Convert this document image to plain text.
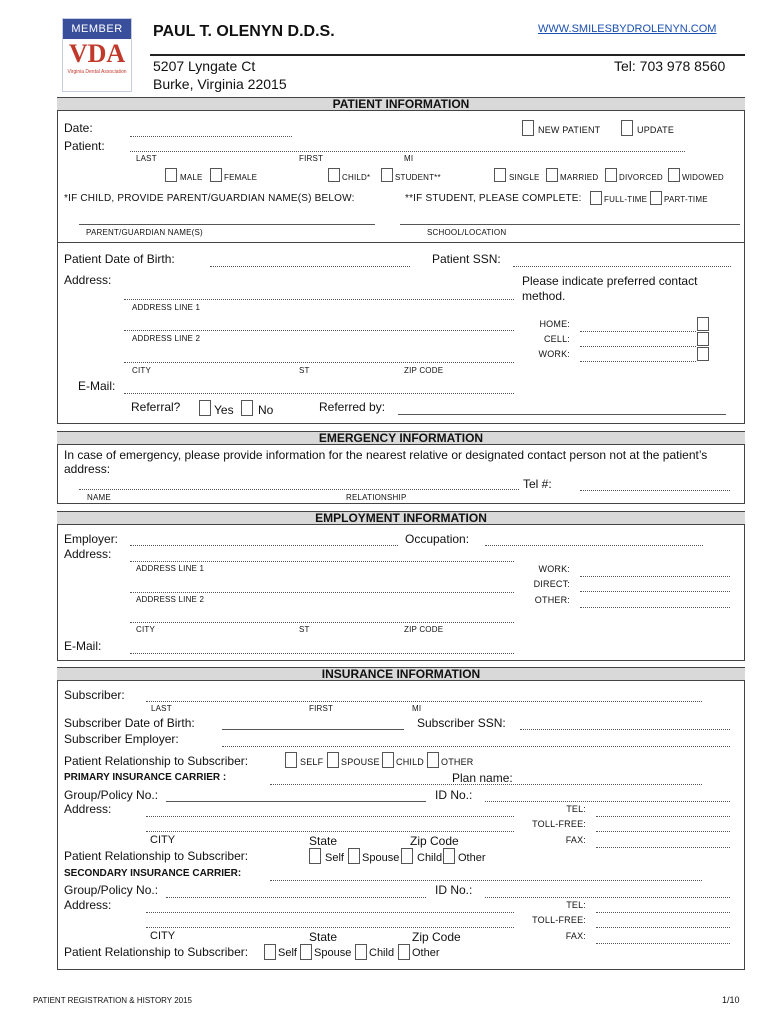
MEMBER
VDA
Virginia Dental Association
PAUL T. OLENYN D.D.S.	WWW.SMILESBYDROLENYN.COM
5207 Lyngate Ct
Burke, Virginia 22015
Tel: 703 978 8560
PATIENT INFORMATION
Date:	NEW PATIENT	UPDATE
Patient:
LAST	FIRST	MI
MALE	FEMALE	CHILD*	STUDENT**	SINGLE	MARRIED	DIVORCED WIDOWED
*IF CHILD, PROVIDE PARENT/GUARDIAN NAME(S) BELOW:	**IF STUDENT, PLEASE COMPLETE:	FULL-TIME PART-TIME
PARENT/GUARDIAN NAME(S)	SCHOOL/LOCATION
Patient Date of Birth:	Patient SSN:
Address:	Please indicate preferred contact method.
ADDRESS LINE 1
ADDRESS LINE 2
CITY	ST	ZIP CODE
HOME:
CELL:
WORK:
E-Mail:
Referral?	Yes No	Referred by:
EMERGENCY INFORMATION
In case of emergency, please provide information for the nearest relative or designated contact person not at the patient’s address:
Tel #:
NAME	RELATIONSHIP
EMPLOYMENT INFORMATION
Employer:	Occupation:
Address:
ADDRESS LINE 1
ADDRESS LINE 2
CITY	ST	ZIP CODE
WORK:
DIRECT:
OTHER:
E-Mail:
INSURANCE INFORMATION
Subscriber:
LAST	FIRST	MI
Subscriber Date of Birth:	Subscriber SSN:
Subscriber Employer:
Patient Relationship to Subscriber:	SELF SPOUSE CHILD OTHER
PRIMARY INSURANCE CARRIER :	Plan name:
Group/Policy No.:	ID No.:
Address:	TEL:
TOLL-FREE:
FAX:
CITY	State	Zip Code
Patient Relationship to Subscriber:	Self Spouse Child Other
SECONDARY INSURANCE CARRIER:
Group/Policy No.:	ID No.:
Address:	TEL:
TOLL-FREE:
FAX:
CITY	State	Zip Code
Patient Relationship to Subscriber:	Self Spouse Child Other
PATIENT REGISTRATION & HISTORY 2015	1/10
